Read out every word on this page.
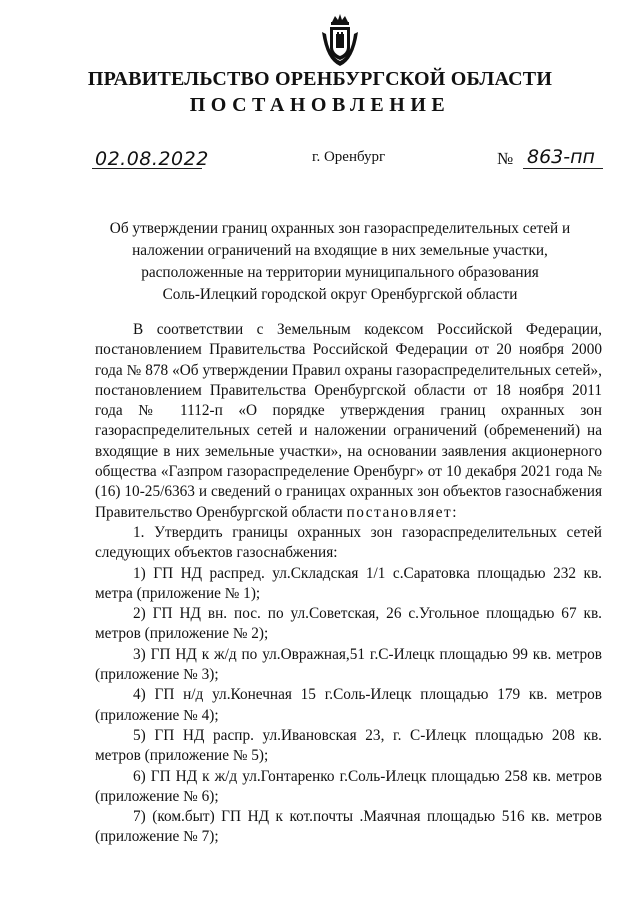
ПРАВИТЕЛЬСТВО ОРЕНБУРГСКОЙ ОБЛАСТИ
ПОСТАНОВЛЕНИЕ
02.08.2022	г. Оренбург	№ 863-пп
Об утверждении границ охранных зон газораспределительных сетей и
наложении ограничений на входящие в них земельные участки,
расположенные на территории муниципального образования
Соль-Илецкий городской округ Оренбургской области

В соответствии с Земельным кодексом Российской Федерации, постановлением Правительства Российской Федерации от 20 ноября 2000 года № 878 «Об утверждении Правил охраны газораспределительных сетей», постановлением Правительства Оренбургской области от 18 ноября 2011 года № 1112-п «О порядке утверждения границ охранных зон газораспределительных сетей и наложении ограничений (обременений) на входящие в них земельные участки», на основании заявления акционерного общества «Газпром газораспределение Оренбург» от 10 декабря 2021 года № (16) 10-25/6363 и сведений о границах охранных зон объектов газоснабжения Правительство Оренбургской области постановляет:

1. Утвердить границы охранных зон газораспределительных сетей следующих объектов газоснабжения:

1) ГП НД распред. ул.Складская 1/1 с.Саратовка площадью 232 кв. метра (приложение № 1);

2) ГП НД вн. пос. по ул.Советская, 26 с.Угольное площадью 67 кв. метров (приложение № 2);

3) ГП НД к ж/д по ул.Овражная,51 г.С-Илецк площадью 99 кв. метров (приложение № 3);

4) ГП н/д ул.Конечная 15 г.Соль-Илецк площадью 179 кв. метров (приложение № 4);

5) ГП НД распр. ул.Ивановская 23, г. С-Илецк площадью 208 кв. метров (приложение № 5);

6) ГП НД к ж/д ул.Гонтаренко г.Соль-Илецк площадью 258 кв. метров (приложение № 6);

7) (ком.быт) ГП НД к кот.почты .Маячная площадью 516 кв. метров (приложение № 7);
